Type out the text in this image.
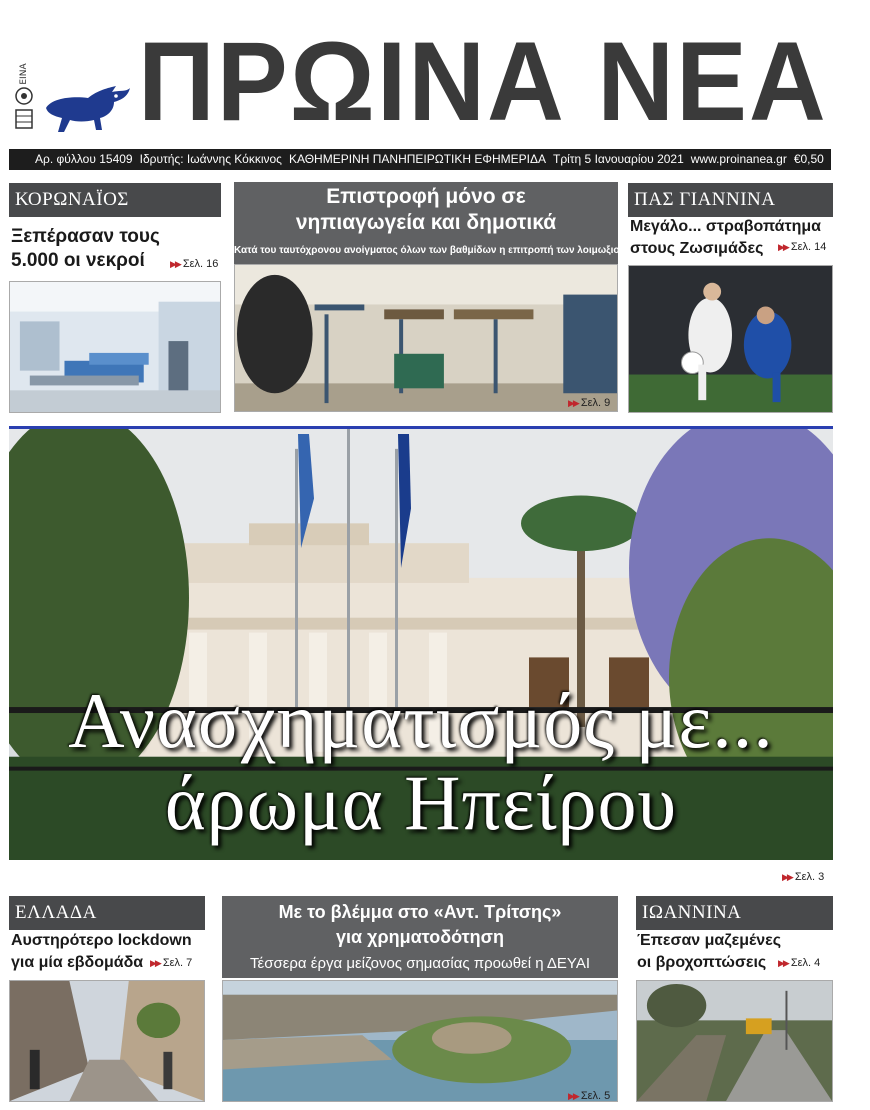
ΕΙΝΑ ΠΡΩΙΝΑ ΝΕΑ
Αρ. φύλλου 15409 Ιδρυτής: Ιωάννης Κόκκινος ΚΑΘΗΜΕΡΙΝΗ ΠΑΝΗΠΕΙΡΩΤΙΚΗ ΕΦΗΜΕΡΙΔΑ Τρίτη 5 Ιανουαρίου 2021 www.proinanea.gr €0,50
ΚΟΡΩΝΑΪΟΣ
Ξεπέρασαν τους
5.000 οι νεκροί	▶▶ Σελ. 16
Επιστροφή μόνο σε
νηπιαγωγεία και δημοτικά
Κατά του ταυτόχρονου ανοίγματος όλων των βαθμίδων η επιτροπή των λοιμωξιολόγων
▶▶ Σελ. 9
ΠΑΣ ΓΙΑΝΝΙΝΑ
Μεγάλο... στραβοπάτημα
στους Ζωσιμάδες	▶▶ Σελ. 14
Ανασχηματισμός με...
άρωμα Ηπείρου
▶▶ Σελ. 3
ΕΛΛΑΔΑ
Αυστηρότερο lockdown
για μία εβδομάδα ▶▶ Σελ. 7
Με το βλέμμα στο «Αντ. Τρίτσης»
για χρηματοδότηση
Τέσσερα έργα μείζονος σημασίας προωθεί η ΔΕΥΑΙ
▶▶ Σελ. 5
ΙΩΑΝΝΙΝΑ
Έπεσαν μαζεμένες
οι βροχοπτώσεις	▶▶ Σελ. 4
